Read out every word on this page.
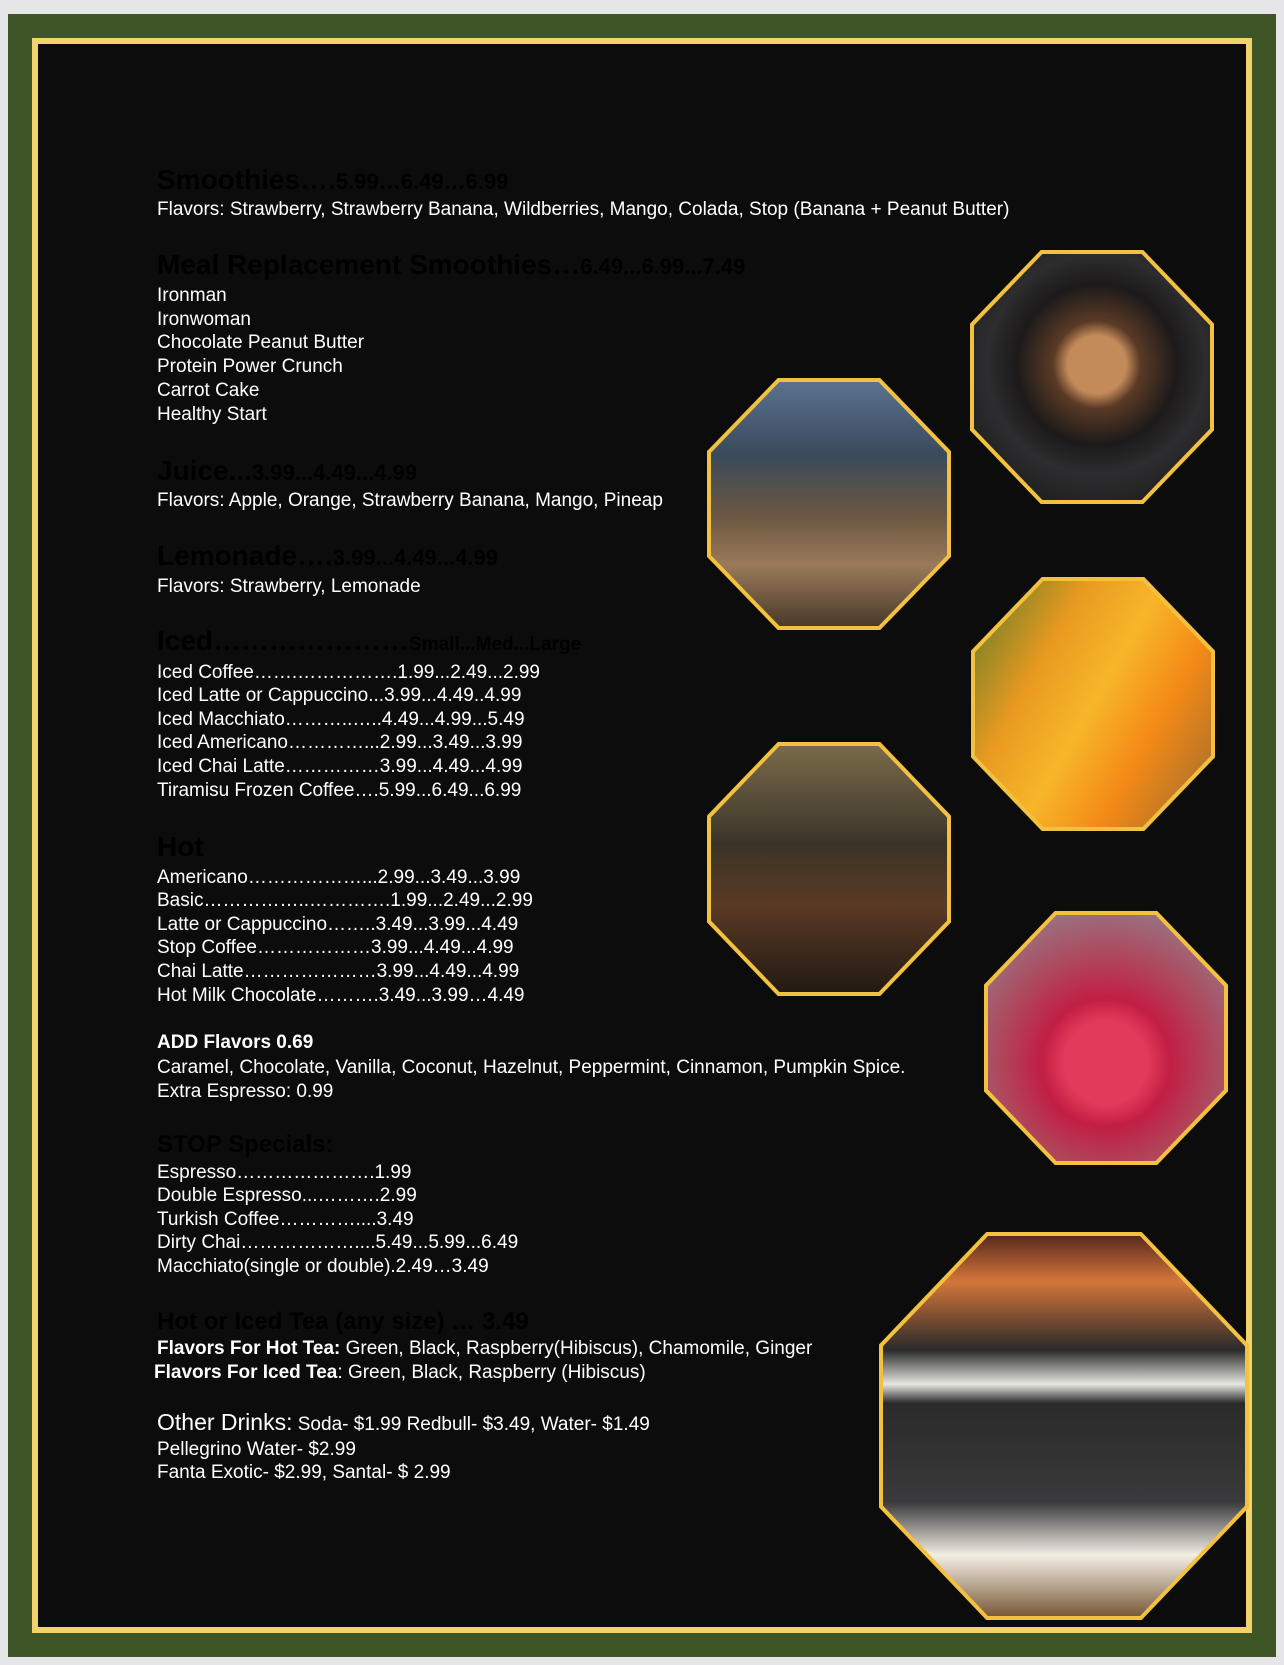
Smoothies….5.99…6.49…6.99
Flavors: Strawberry, Strawberry Banana, Wildberries, Mango, Colada, Stop (Banana + Peanut Butter)
Meal Replacement Smoothies…6.49...6.99...7.49
Ironman
Ironwoman
Chocolate Peanut Butter
Protein Power Crunch
Carrot Cake
Healthy Start
Juice...3.99...4.49...4.99
Flavors: Apple, Orange, Strawberry Banana, Mango, Pineap
Lemonade….3.99...4.49...4.99
Flavors: Strawberry, Lemonade
Iced…………………Small...Med...Large
Iced Coffee…….…………….1.99...2.49...2.99
Iced Latte or Cappuccino...3.99...4.49..4.99
Iced Macchiato………..…..4.49...4.99...5.49
Iced Americano…………...2.99...3.49...3.99
Iced Chai Latte……………3.99...4.49...4.99
Tiramisu Frozen Coffee….5.99...6.49...6.99
Hot
Americano………………...2.99...3.49...3.99
Basic……………..………….1.99...2.49...2.99
Latte or Cappuccino……..3.49...3.99...4.49
Stop Coffee………………3.99...4.49...4.99
Chai Latte…………………3.99...4.49...4.99
Hot Milk Chocolate……….3.49...3.99…4.49
ADD Flavors 0.69
Caramel, Chocolate, Vanilla, Coconut, Hazelnut, Peppermint, Cinnamon, Pumpkin Spice.
Extra Espresso: 0.99
STOP Specials:
Espresso………………….1.99
Double Espresso...……….2.99
Turkish Coffee…………....3.49
Dirty Chai………………....5.49...5.99...6.49
Macchiato(single or double).2.49…3.49
Hot or Iced Tea (any size) … 3.49
Flavors For Hot Tea: Green, Black, Raspberry(Hibiscus), Chamomile, Ginger
Flavors For Iced Tea: Green, Black, Raspberry (Hibiscus)
Other Drinks: Soda- $1.99 Redbull- $3.49, Water- $1.49
Pellegrino Water- $2.99
Fanta Exotic- $2.99, Santal- $ 2.99
